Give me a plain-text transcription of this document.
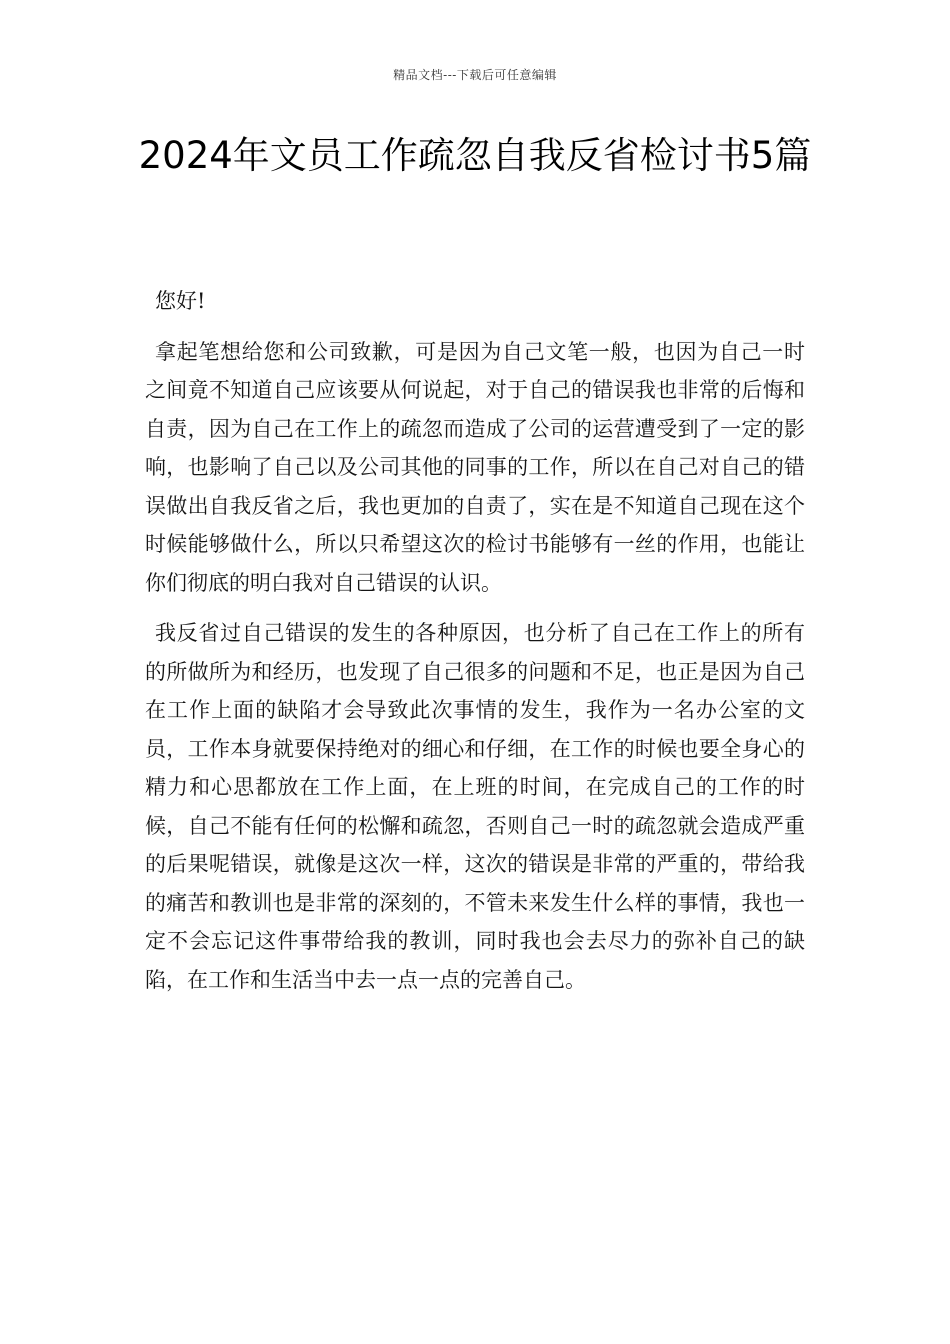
精品文档---下载后可任意编辑
2024年文员工作疏忽自我反省检讨书5篇

您好!

拿起笔想给您和公司致歉，可是因为自己文笔一般，也因为自己一时之间竟不知道自己应该要从何说起，对于自己的错误我也非常的后悔和自责，因为自己在工作上的疏忽而造成了公司的运营遭受到了一定的影响，也影响了自己以及公司其他的同事的工作，所以在自己对自己的错误做出自我反省之后，我也更加的自责了，实在是不知道自己现在这个时候能够做什么，所以只希望这次的检讨书能够有一丝的作用，也能让你们彻底的明白我对自己错误的认识。

我反省过自己错误的发生的各种原因，也分析了自己在工作上的所有的所做所为和经历，也发现了自己很多的问题和不足，也正是因为自己在工作上面的缺陷才会导致此次事情的发生，我作为一名办公室的文员，工作本身就要保持绝对的细心和仔细，在工作的时候也要全身心的精力和心思都放在工作上面，在上班的时间，在完成自己的工作的时候，自己不能有任何的松懈和疏忽，否则自己一时的疏忽就会造成严重的后果呢错误，就像是这次一样，这次的错误是非常的严重的，带给我的痛苦和教训也是非常的深刻的，不管未来发生什么样的事情，我也一定不会忘记这件事带给我的教训，同时我也会去尽力的弥补自己的缺陷，在工作和生活当中去一点一点的完善自己。
